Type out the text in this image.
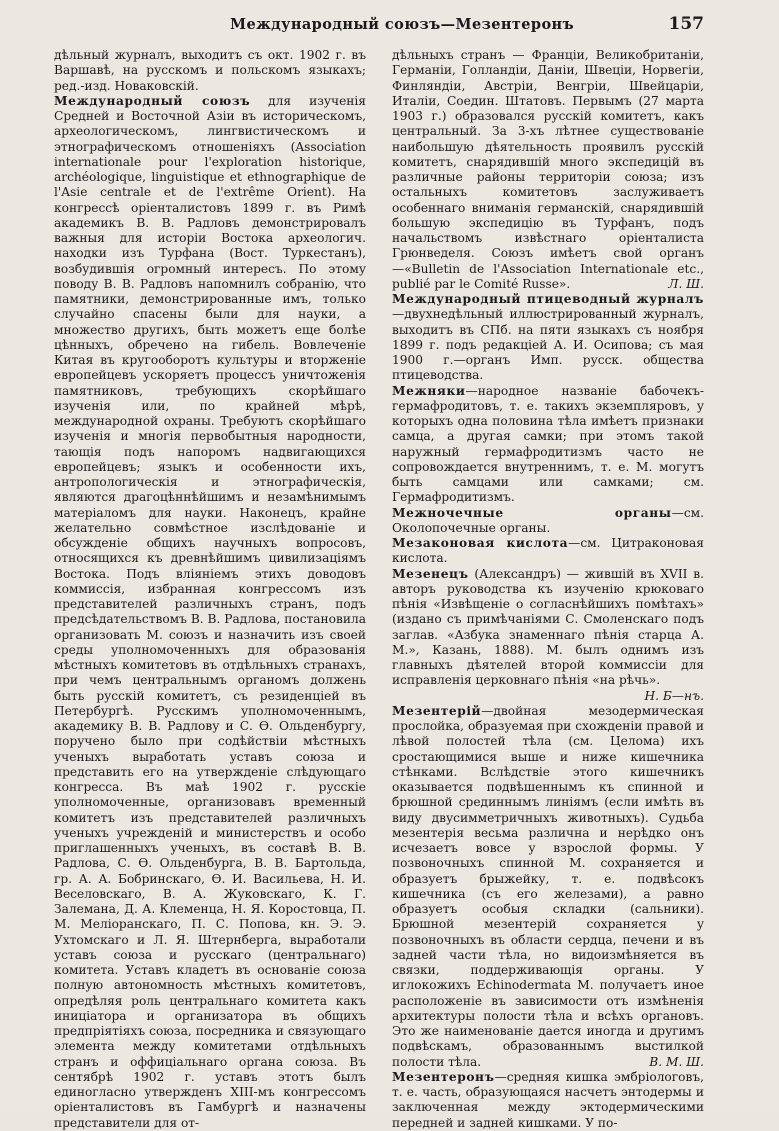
Международный союзъ—Мезентеронъ	157

дѣльный журналъ, выходитъ съ окт. 1902 г. въ Варшавѣ, на русскомъ и польскомъ языкахъ; ред.-изд. Новаковскій.

Международный союзъ для изученія Средней и Восточной Азіи въ историческомъ, археологическомъ, лингвистическомъ и этнографическомъ отношеніяхъ (Association internationale pour l'exploration historique, archéologique, linguistique et ethnographique de l'Asie centrale et de l'extrême Orient). На конгрессѣ оріенталистовъ 1899 г. въ Римѣ академикъ В. В. Радловъ демонстрировалъ важныя для исторіи Востока археологич. находки изъ Турфана (Вост. Туркестанъ), возбудившія огромный интересъ. По этому поводу В. В. Радловъ напомнилъ собранію, что памятники, демонстрированные имъ, только случайно спасены были для науки, а множество другихъ, быть можетъ еще болѣе цѣнныхъ, обречено на гибель. Вовлеченіе Китая въ кругооборотъ культуры и вторженіе европейцевъ ускоряетъ процессъ уничтоженія памятниковъ, требующихъ скорѣйшаго изученія или, по крайней мѣрѣ, международной охраны. Требуютъ скорѣйшаго изученія и многія первобытныя народности, тающія подъ напоромъ надвигающихся европейцевъ; языкъ и особенности ихъ, антропологическія и этнографическія, являются драгоцѣннѣйшимъ и незамѣнимымъ матеріаломъ для науки. Наконецъ, крайне желательно совмѣстное изслѣдованіе и обсужденіе общихъ научныхъ вопросовъ, относящихся къ древнѣйшимъ цивилизаціямъ Востока. Подъ вліяніемъ этихъ доводовъ коммиссія, избранная конгрессомъ изъ представителей различныхъ странъ, подъ предсѣдательствомъ В. В. Радлова, постановила организовать М. союзъ и назначить изъ своей среды уполномоченныхъ для образованія мѣстныхъ комитетовъ въ отдѣльныхъ странахъ, при чемъ центральнымъ органомъ должень быть русскій комитетъ, съ резиденціей въ Петербургѣ. Русскимъ уполномоченнымъ, академику В. В. Радлову и С. Ѳ. Ольденбургу, поручено было при содѣйствіи мѣстныхъ ученыхъ выработать уставъ союза и представить его на утвержденіе слѣдующаго конгресса. Въ маѣ 1902 г. русскіе уполномоченные, организовавъ временный комитетъ изъ представителей различныхъ ученыхъ учрежденій и министерствъ и особо приглашенныхъ ученыхъ, въ составѣ В. В. Радлова, С. Ѳ. Ольденбурга, В. В. Бартольда, гр. А. А. Бобринскаго, Ѳ. И. Васильева, Н. И. Веселовскаго, В. А. Жуковскаго, К. Г. Залемана, Д. А. Клеменца, Н. Я. Коростовца, П. М. Меліоранскаго, П. С. Попова, кн. Э. Э. Ухтомскаго и Л. Я. Штернберга, выработали уставъ союза и русскаго (центральнаго) комитета. Уставъ кладетъ въ основаніе союза полную автономность мѣстныхъ комитетовъ, опредѣляя роль центральнаго комитета какъ иниціатора и организатора въ общихъ предпріятіяхъ союза, посредника и связующаго элемента между комитетами отдѣльныхъ странъ и оффиціальнаго органа союза. Въ сентябрѣ 1902 г. уставъ этотъ былъ единогласно утвержденъ XIII-мъ конгрессомъ оріенталистовъ въ Гамбургѣ и назначены представители для от-

дѣльныхъ странъ — Франціи, Великобританіи, Германіи, Голландіи, Даніи, Швеціи, Норвегіи, Финляндіи, Австріи, Венгріи, Швейцаріи, Италіи, Соедин. Штатовъ. Первымъ (27 марта 1903 г.) образовался русскій комитетъ, какъ центральный. За 3-хъ лѣтнее существованіе наибольшую дѣятельность проявилъ русскій комитетъ, снарядившій много экспедицій въ различные районы территоріи союза; изъ остальныхъ комитетовъ заслуживаетъ особеннаго вниманія германскій, снарядившій большую экспедицію въ Турфанъ, подъ начальствомъ извѣстнаго оріенталиста Грюнведеля. Союзъ имѣетъ свой органъ—«Bulletin de l'Association Internationale etc., publié par le Comité Russe».	Л. Ш.

Международный птицеводный журналъ—двухнедѣльный иллюстрированный журналъ, выходитъ въ СПб. на пяти языкахъ съ ноября 1899 г. подъ редакціей А. И. Осипова; съ мая 1900 г.—органъ Имп. русск. общества птицеводства.

Межняки—народное названіе бабочекъ-гермафродитовъ, т. е. такихъ экземпляровъ, у которыхъ одна половина тѣла имѣетъ признаки самца, а другая самки; при этомъ такой наружный гермафродитизмъ часто не сопровождается внутреннимъ, т. е. М. могутъ быть самцами или самками; см. Гермафродитизмъ.

Межночечные органы—см. Околопочечные органы.

Мезаконовая кислота—см. Цитраконовая кислота.

Мезенецъ (Александръ) — жившій въ XVII в. авторъ руководства къ изученію крюковаго пѣнія «Извѣщеніе о согласнѣйшихъ помѣтахъ» (издано съ примѣчаніями С. Смоленскаго подъ заглав. «Азбука знаменнаго пѣнія старца А. М.», Казань, 1888). М. былъ однимъ изъ главныхъ дѣятелей второй коммиссіи для исправленія церковнаго пѣнія «на рѣчь».
Н. Б—нъ.

Мезентерій—двойная мезодермическая прослойка, образуемая при схожденіи правой и лѣвой полостей тѣла (см. Целома) ихъ сростающимися выше и ниже кишечника стѣнками. Вслѣдствіе этого кишечникъ оказывается подвѣшеннымъ къ спинной и брюшной срединнымъ линіямъ (если имѣть въ виду двусимметричныхъ животныхъ). Судьба мезентерія весьма различна и нерѣдко онъ исчезаетъ вовсе у взрослой формы. У позвоночныхъ спинной М. сохраняется и образуетъ брыжейку, т. е. подвѣсокъ кишечника (съ его железами), а равно образуетъ особыя складки (сальники). Брюшной мезентерій сохраняется у позвоночныхъ въ области сердца, печени и въ задней части тѣла, но видоизмѣняется въ связки, поддерживающія органы. У иглокожихъ Echinodermata М. получаетъ иное расположеніе въ зависимости отъ измѣненія архитектуры полости тѣла и всѣхъ органовъ. Это же наименованіе дается иногда и другимъ подвѣскамъ, образованнымъ выстилкой полости тѣла.	В. М. Ш.

Мезентеронъ—средняя кишка эмбріологовъ, т. е. часть, образующаяся насчетъ энтодермы и заключенная между эктодермическими передней и задней кишками. У по-
